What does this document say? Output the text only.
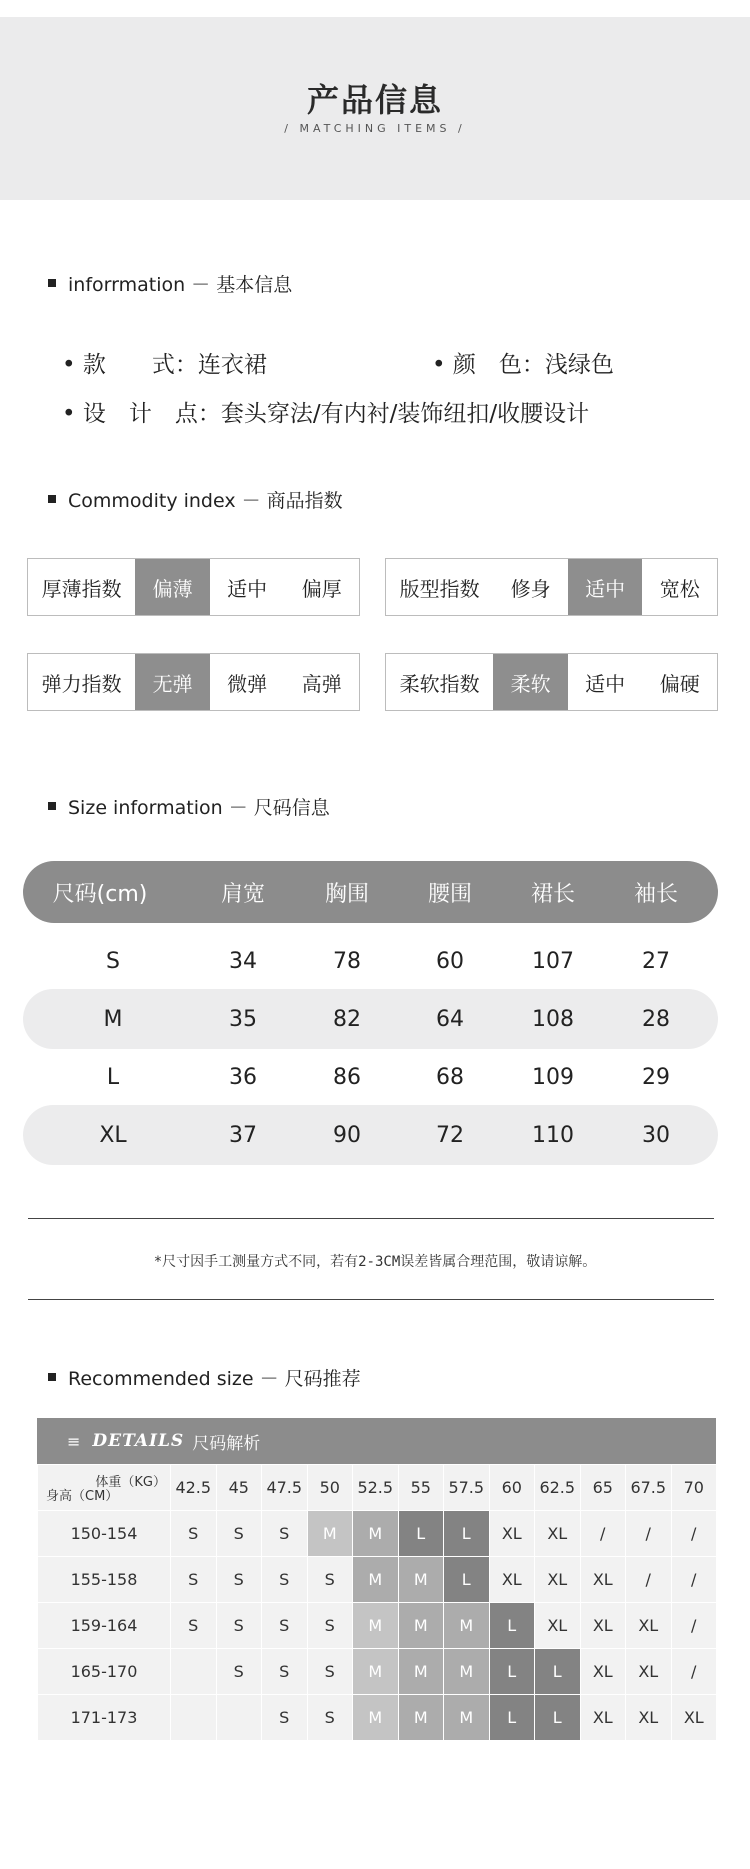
产品信息
/ MATCHING ITEMS /
inforrmation － 基本信息
• 款　　式：连衣裙	• 颜　色：浅绿色
• 设　计　点：套头穿法/有内衬/装饰纽扣/收腰设计
Commodity index － 商品指数
厚薄指数	偏薄	适中	偏厚	版型指数	修身	适中	宽松
弹力指数	无弹	微弹	高弹	柔软指数	柔软	适中	偏硬
Size information － 尺码信息
尺码(cm)	肩宽	胸围	腰围	裙长	袖长
S	34	78	60	107	27
M	35	82	64	108	28
L	36	86	68	109	29
XL	37	90	72	110	30
*尺寸因手工测量方式不同，若有2-3CM误差皆属合理范围，敬请谅解。
Recommended size － 尺码推荐
≡ DETAILS 尺码解析
体重（KG）
身高（CM）	42.5	45	47.5	50	52.5	55	57.5	60	62.5	65	67.5	70
150-154	S	S	S	M	M	L	L	XL	XL	/	/	/
155-158	S	S	S	S	M	M	L	XL	XL	XL	/	/
159-164	S	S	S	S	M	M	M	L	XL	XL	XL	/
165-170		S	S	S	M	M	M	L	L	XL	XL	/
171-173			S	S	M	M	M	L	L	XL	XL	XL
